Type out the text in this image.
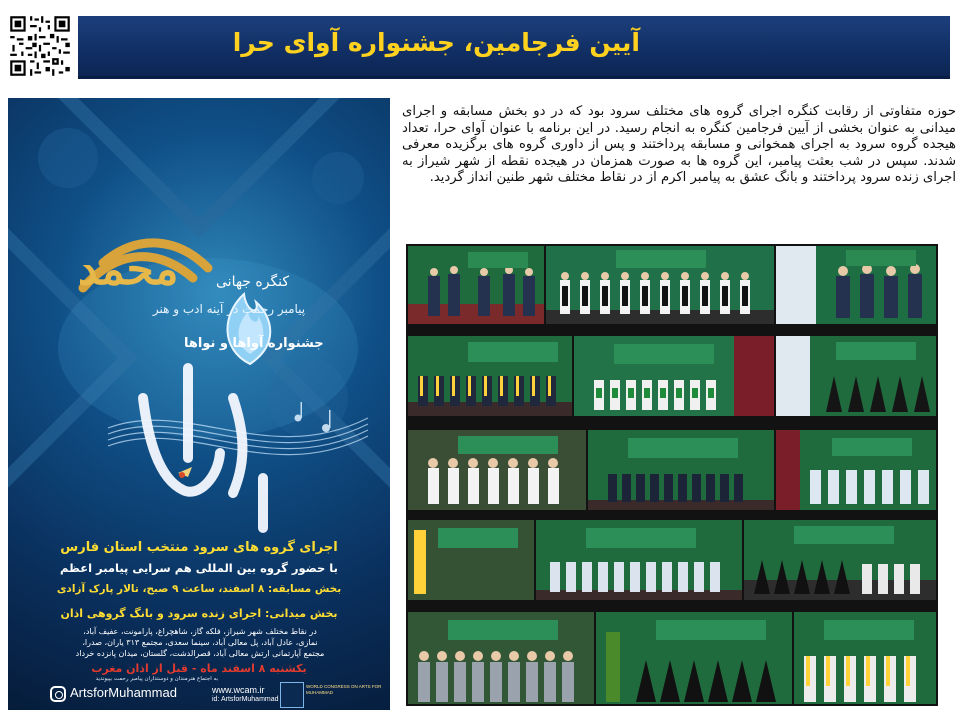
آیین فرجامین، جشنواره آوای حرا
محمد	کنگره جهانی
پیامبر رحمت در آینه ادب و هنر
جشنواره آواها و نواها
اجرای گروه های سرود منتخب استان فارس
با حضور گروه بین المللی هم سرایی پیامبر اعظم
بخش مسابقه: ۸ اسفند، ساعت ۹ صبح، تالار پارک آزادی
بخش میدانی: اجرای زنده سرود و بانگ گروهی اذان
در نقاط مختلف شهر شیراز، فلکه گاز، شاهچراغ، پارامونت، عفیف آباد،
نمازی، عادل آباد، پل معالی آباد، سینما سعدی، مجتمع ۳۱۳ یاران، صدرا،
مجتمع آپارتمانی ارتش معالی آباد، قصرالدشت، گلستان، میدان پانزده خرداد
یکشنبه ۸ اسفند ماه - قبل از اذان مغرب
به اجتماع هنرمندان و دوستداران پیامبر رحمت بپیوندید
ArtsforMuhammad	www.wcam.ir
id: ArtsforMuhammad
WORLD CONGRESS ON ARTS FOR MUHAMMAD
حوزه متفاوتی از رقابت کنگره اجرای گروه های مختلف سرود بود که در دو بخش مسابقه و اجرای میدانی به عنوان بخشی از آیین فرجامین کنگره به انجام رسید. در این برنامه با عنوان آوای حرا، تعداد هیجده گروه سرود به اجرای همخوانی و مسابقه پرداختند و پس از داوری گروه های برگزیده معرفی شدند. سپس در شب بعثت پیامبر، این گروه ها به صورت همزمان در هیجده نقطه از شهر شیراز به اجرای زنده سرود پرداختند و بانگ عشق به پیامبر اکرم از در نقاط مختلف شهر طنین انداز گردید.
